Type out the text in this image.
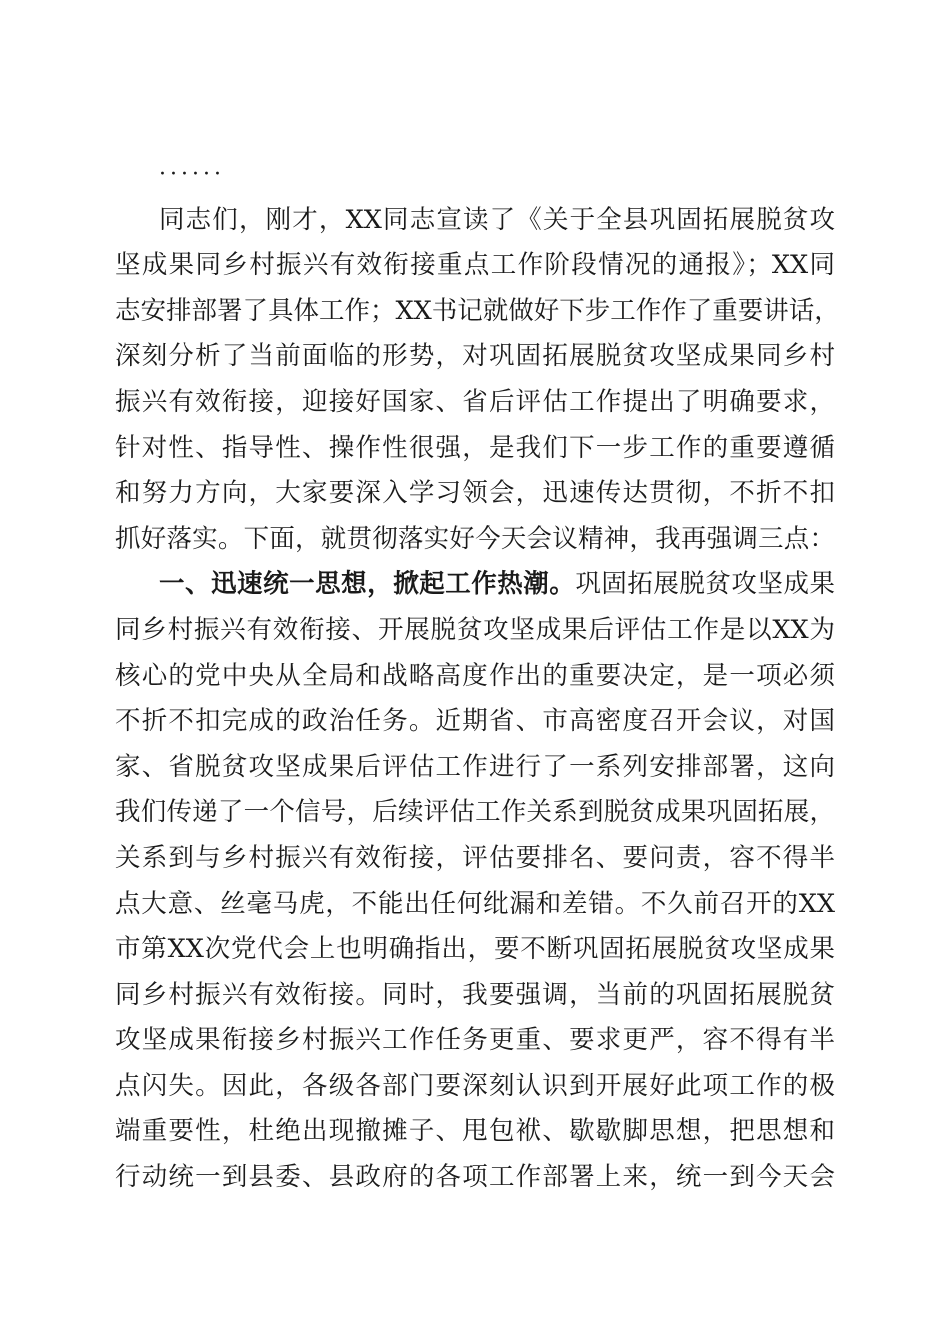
······
同志们，刚才，XX同志宣读了《关于全县巩固拓展脱贫攻
坚成果同乡村振兴有效衔接重点工作阶段情况的通报》；XX同
志安排部署了具体工作；XX书记就做好下步工作作了重要讲话，
深刻分析了当前面临的形势，对巩固拓展脱贫攻坚成果同乡村
振兴有效衔接，迎接好国家、省后评估工作提出了明确要求，
针对性、指导性、操作性很强，是我们下一步工作的重要遵循
和努力方向，大家要深入学习领会，迅速传达贯彻，不折不扣
抓好落实。下面，就贯彻落实好今天会议精神，我再强调三点：
一、迅速统一思想，掀起工作热潮。巩固拓展脱贫攻坚成果
同乡村振兴有效衔接、开展脱贫攻坚成果后评估工作是以XX为
核心的党中央从全局和战略高度作出的重要决定，是一项必须
不折不扣完成的政治任务。近期省、市高密度召开会议，对国
家、省脱贫攻坚成果后评估工作进行了一系列安排部署，这向
我们传递了一个信号，后续评估工作关系到脱贫成果巩固拓展，
关系到与乡村振兴有效衔接，评估要排名、要问责，容不得半
点大意、丝毫马虎，不能出任何纰漏和差错。不久前召开的XX
市第XX次党代会上也明确指出，要不断巩固拓展脱贫攻坚成果
同乡村振兴有效衔接。同时，我要强调，当前的巩固拓展脱贫
攻坚成果衔接乡村振兴工作任务更重、要求更严，容不得有半
点闪失。因此，各级各部门要深刻认识到开展好此项工作的极
端重要性，杜绝出现撤摊子、甩包袱、歇歇脚思想，把思想和
行动统一到县委、县政府的各项工作部署上来，统一到今天会
